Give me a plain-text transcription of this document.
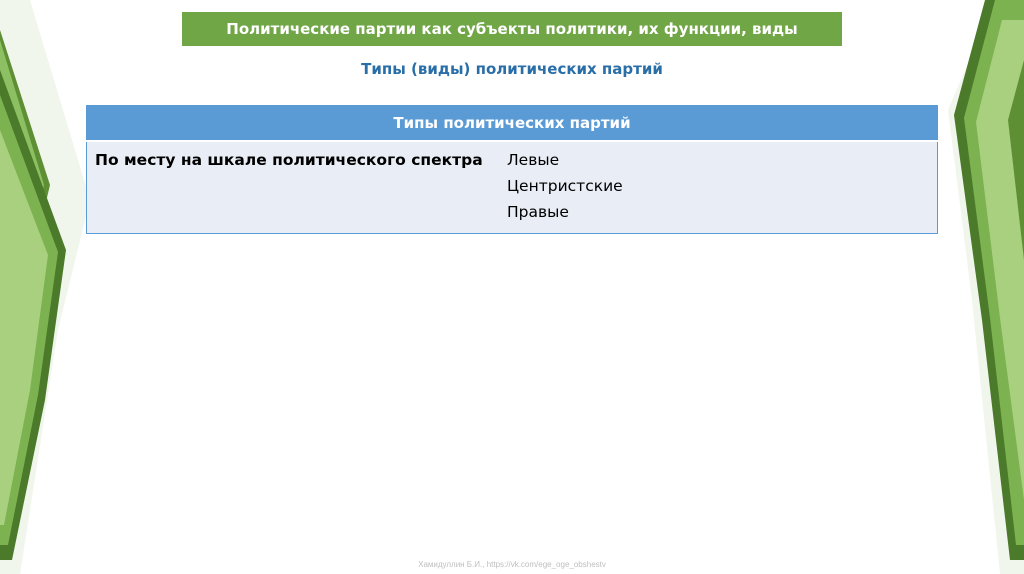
Политические партии как субъекты политики, их функции, виды
Типы (виды) политических партий
Типы политических партий
По месту на шкале политического спектра	Левые
Центристские
Правые
Хамидуллин Б.И., https://vk.com/ege_oge_obshestv
